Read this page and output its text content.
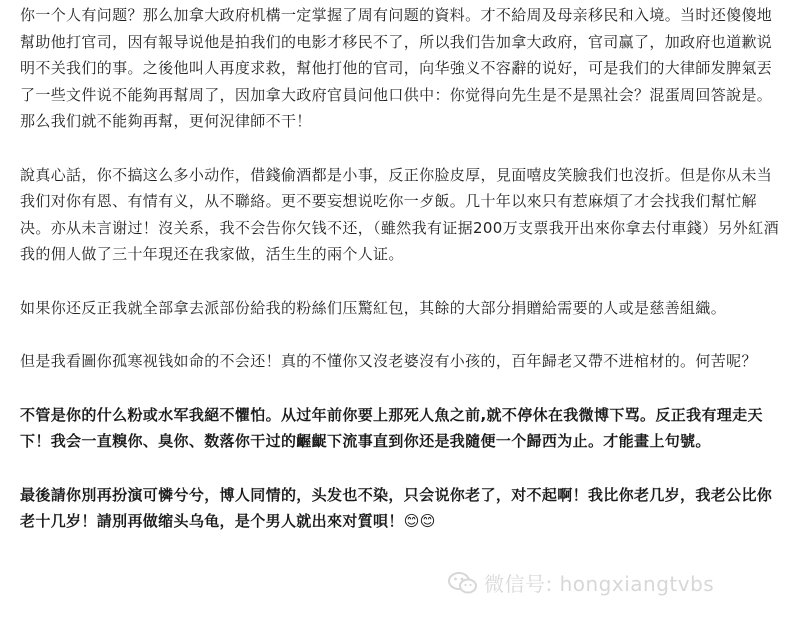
你一个人有问题？那么加拿大政府机構一定掌握了周有问题的資料。才不給周及母亲移民和入境。当时还傻傻地幫助他打官司，因有報导说他是拍我们的电影才移民不了，所以我们告加拿大政府，官司赢了，加政府也道歉说明不关我们的事。之後他叫人再度求救，幫他打他的官司，向华強义不容辭的说好，可是我们的大律師发脾氣丟了一些文件说不能夠再幫周了，因加拿大政府官員问他口供中：你觉得向先生是不是黑社会？混蛋周回答說是。那么我们就不能夠再幫，更何況律師不干！

說真心話，你不搞这么多小动作，借錢偷酒都是小事，反正你脸皮厚，見面嘻皮笑臉我们也沒折。但是你从未当我们对你有恩、有情有义，从不聯絡。更不要妄想说吃你一歺飯。几十年以來只有惹麻煩了才会找我们幫忙解决。亦从未言谢过！沒关系，我不会告你欠钱不还，（雖然我有证据200万支票我开出來你拿去付車錢）另外紅酒我的佣人做了三十年現还在我家做，活生生的兩个人证。

如果你还反正我就全部拿去派部份給我的粉絲们压驚紅包，其餘的大部分捐贈給需要的人或是慈善組織。

但是我看圖你孤寒视钱如命的不会还！真的不懂你又沒老婆沒有小孩的，百年歸老又帶不进棺材的。何苦呢？

不管是你的什么粉或水军我絕不懼怕。从过年前你要上那死人魚之前,就不停休在我微博下骂。反正我有理走天下！我会一直糗你、臭你、数落你干过的齷齪下流事直到你还是我隨便一个歸西为止。才能畫上句號。

最後請你別再扮演可憐兮兮，博人同情的，头发也不染，只会说你老了，对不起啊！我比你老几岁，我老公比你老十几岁！請別再做缩头乌龟，是个男人就出來对質唄！😊😊

微信号: hongxiangtvbs
